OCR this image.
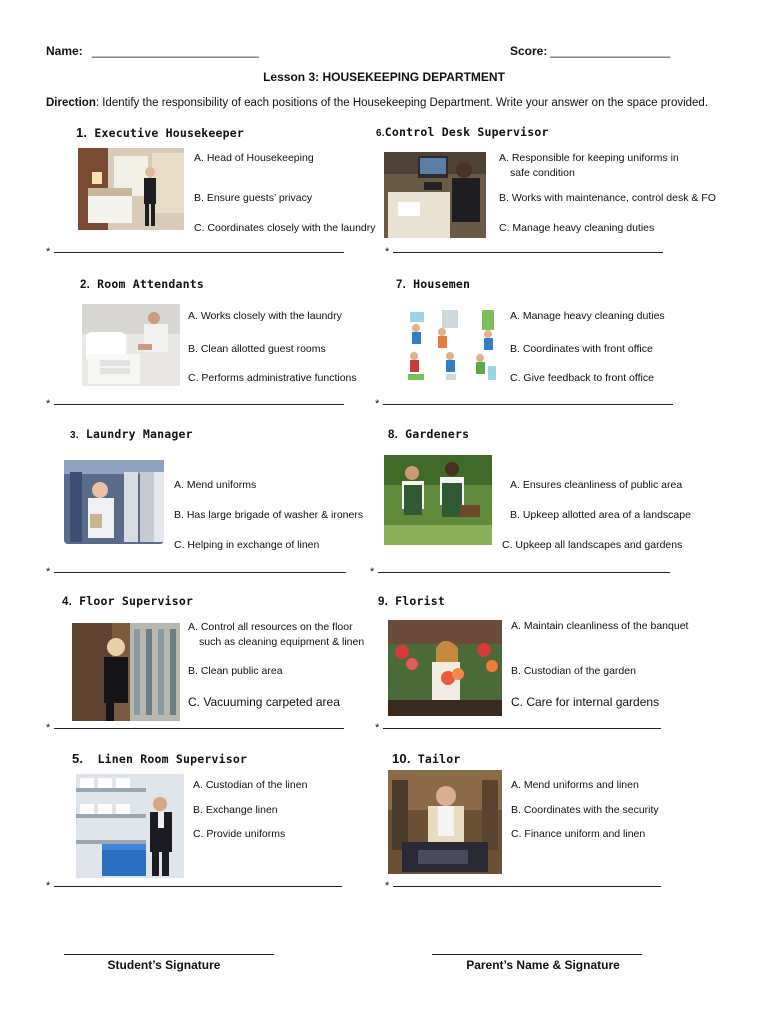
Name: _________________________	Score: __________________
Lesson 3: HOUSEKEEPING DEPARTMENT
Direction: Identify the responsibility of each positions of the Housekeeping Department. Write your answer on the space provided.
1. Executive Housekeeper
A. Head of Housekeeping
B. Ensure guests’ privacy
C. Coordinates closely with the laundry
*
2. Room Attendants
A. Works closely with the laundry
B. Clean allotted guest rooms
C. Performs administrative functions
*
3. Laundry Manager
A. Mend uniforms
B. Has large brigade of washer & ironers
C. Helping in exchange of linen
*
4. Floor Supervisor
A. Control all resources on the floor
such as cleaning equipment & linen
B. Clean public area
C. Vacuuming carpeted area
*
5. Linen Room Supervisor
A. Custodian of the linen
B. Exchange linen
C. Provide uniforms
*
6.Control Desk Supervisor
A. Responsible for keeping uniforms in
safe condition
B. Works with maintenance, control desk & FO
C. Manage heavy cleaning duties
*
7. Housemen
A. Manage heavy cleaning duties
B. Coordinates with front office
C. Give feedback to front office
*
8. Gardeners
A. Ensures cleanliness of public area
B. Upkeep allotted area of a landscape
C. Upkeep all landscapes and gardens
*
9. Florist
A. Maintain cleanliness of the banquet
B. Custodian of the garden
C. Care for internal gardens
*
10. Tailor
A. Mend uniforms and linen
B. Coordinates with the security
C. Finance uniform and linen
*
Student’s Signature	Parent’s Name & Signature
